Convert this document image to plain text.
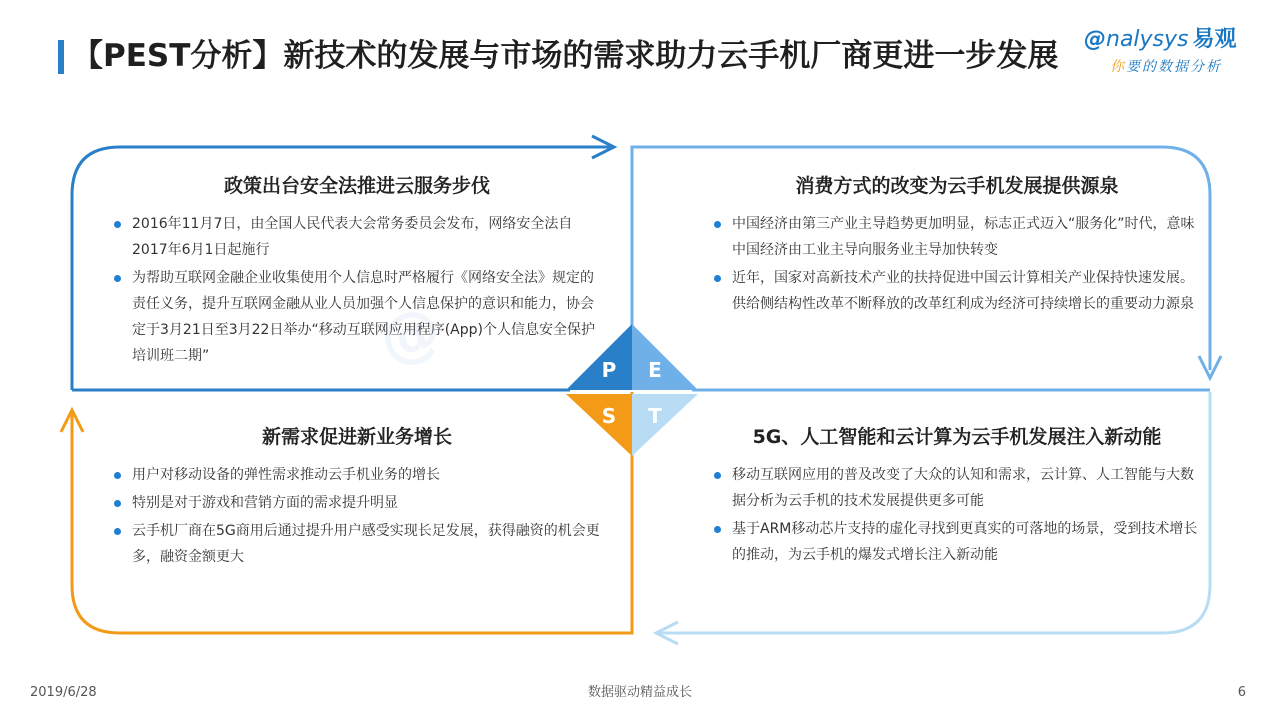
【PEST分析】新技术的发展与市场的需求助力云手机厂商更进一步发展	@nalysys 易观
你要的数据分析
P	E
S	T
@
政策出台安全法推进云服务步伐
2016年11月7日，由全国人民代表大会常务委员会发布，网络安全法自2017年6月1日起施行
为帮助互联网金融企业收集使用个人信息时严格履行《网络安全法》规定的责任义务，提升互联网金融从业人员加强个人信息保护的意识和能力，协会定于3月21日至3月22日举办“移动互联网应用程序(App)个人信息安全保护培训班二期”
消费方式的改变为云手机发展提供源泉
中国经济由第三产业主导趋势更加明显，标志正式迈入“服务化”时代，意味中国经济由工业主导向服务业主导加快转变
近年，国家对高新技术产业的扶持促进中国云计算相关产业保持快速发展。供给侧结构性改革不断释放的改革红利成为经济可持续增长的重要动力源泉
新需求促进新业务增长
用户对移动设备的弹性需求推动云手机业务的增长
特别是对于游戏和营销方面的需求提升明显
云手机厂商在5G商用后通过提升用户感受实现长足发展，获得融资的机会更多，融资金额更大
5G、人工智能和云计算为云手机发展注入新动能
移动互联网应用的普及改变了大众的认知和需求，云计算、人工智能与大数据分析为云手机的技术发展提供更多可能
基于ARM移动芯片支持的虚化寻找到更真实的可落地的场景，受到技术增长的推动，为云手机的爆发式增长注入新动能
2019/6/28	数据驱动精益成长	6
